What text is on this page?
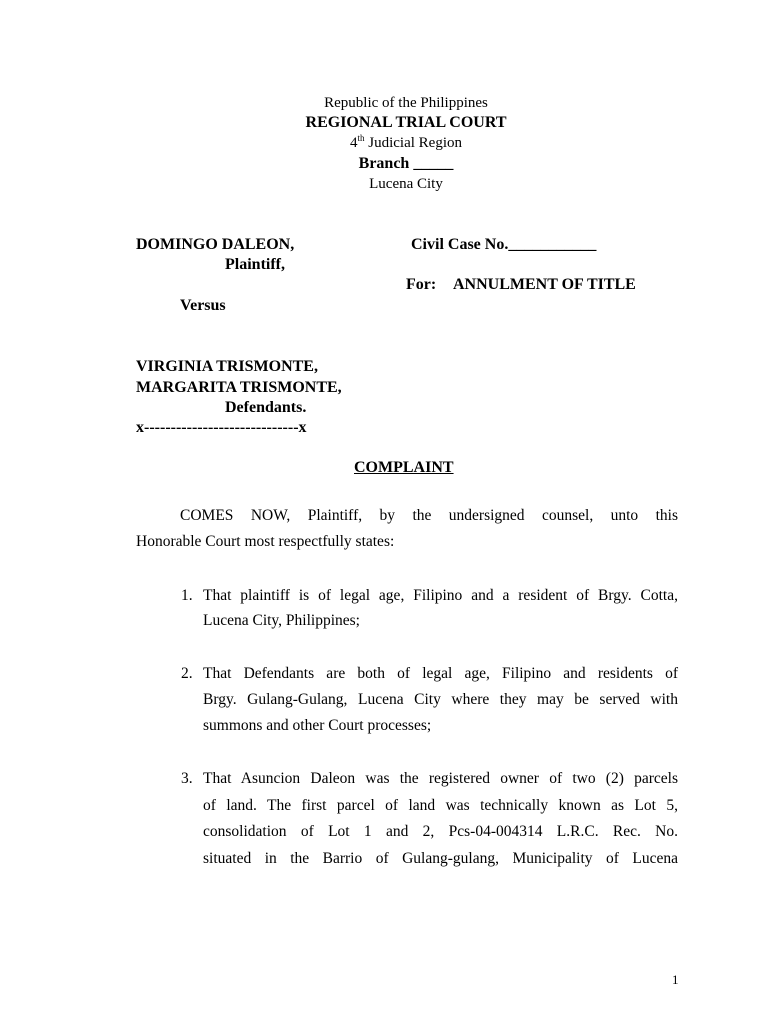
Republic of the Philippines
REGIONAL TRIAL COURT
4th Judicial Region
Branch _____
Lucena City
DOMINGO DALEON,	Civil Case No.___________
Plaintiff,
For: ANNULMENT OF TITLE
Versus
VIRGINIA TRISMONTE,
MARGARITA TRISMONTE,
Defendants.
x-----------------------------x
COMPLAINT
COMES NOW, Plaintiff, by the undersigned counsel, unto this
Honorable Court most respectfully states:
1. That plaintiff is of legal age, Filipino and a resident of Brgy. Cotta,
Lucena City, Philippines;
2. That Defendants are both of legal age, Filipino and residents of
Brgy. Gulang-Gulang, Lucena City where they may be served with
summons and other Court processes;
3. That Asuncion Daleon was the registered owner of two (2) parcels
of land. The first parcel of land was technically known as Lot 5,
consolidation of Lot 1 and 2, Pcs-04-004314 L.R.C. Rec. No.
situated in the Barrio of Gulang-gulang, Municipality of Lucena
1
